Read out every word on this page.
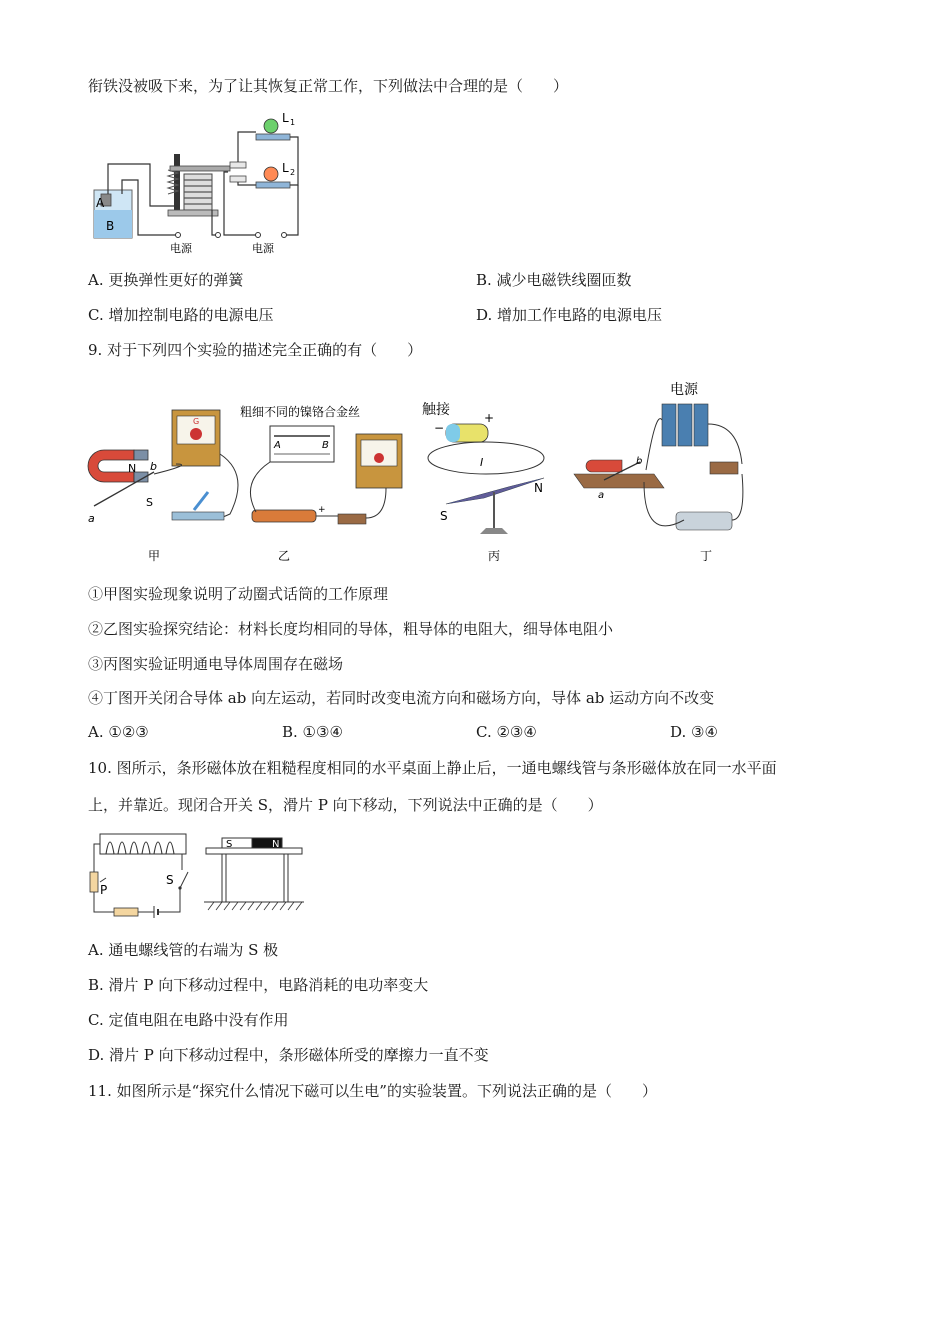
衔铁没被吸下来，为了让其恢复正常工作，下列做法中合理的是（　　）
A
B
L 1
L 2
电源	电源
A. 更换弹性更好的弹簧	B. 减少电磁铁线圈匝数
C. 增加控制电路的电源电压	D. 增加工作电路的电源电压
9. 对于下列四个实验的描述完全正确的有（　　）
N
S
b
a
G
甲
粗细不同的镍铬合金丝
A	B
+
乙
触接
−
+
I
N
S
丙
电源
b
a
丁
①甲图实验现象说明了动圈式话筒的工作原理
②乙图实验探究结论：材料长度均相同的导体，粗导体的电阻大，细导体电阻小
③丙图实验证明通电导体周围存在磁场
④丁图开关闭合导体 ab 向左运动，若同时改变电流方向和磁场方向，导体 ab 运动方向不改变
A. ①②③	B. ①③④	C. ②③④	D. ③④
10. 图所示，条形磁体放在粗糙程度相同的水平桌面上静止后，一通电螺线管与条形磁体放在同一水平面
上，并靠近。现闭合开关 S，滑片 P 向下移动，下列说法中正确的是（　　）
P
S
S	N
A. 通电螺线管的右端为 S 极
B. 滑片 P 向下移动过程中，电路消耗的电功率变大
C. 定值电阻在电路中没有作用
D. 滑片 P 向下移动过程中，条形磁体所受的摩擦力一直不变
11. 如图所示是“探究什么情况下磁可以生电”的实验装置。下列说法正确的是（　　）
